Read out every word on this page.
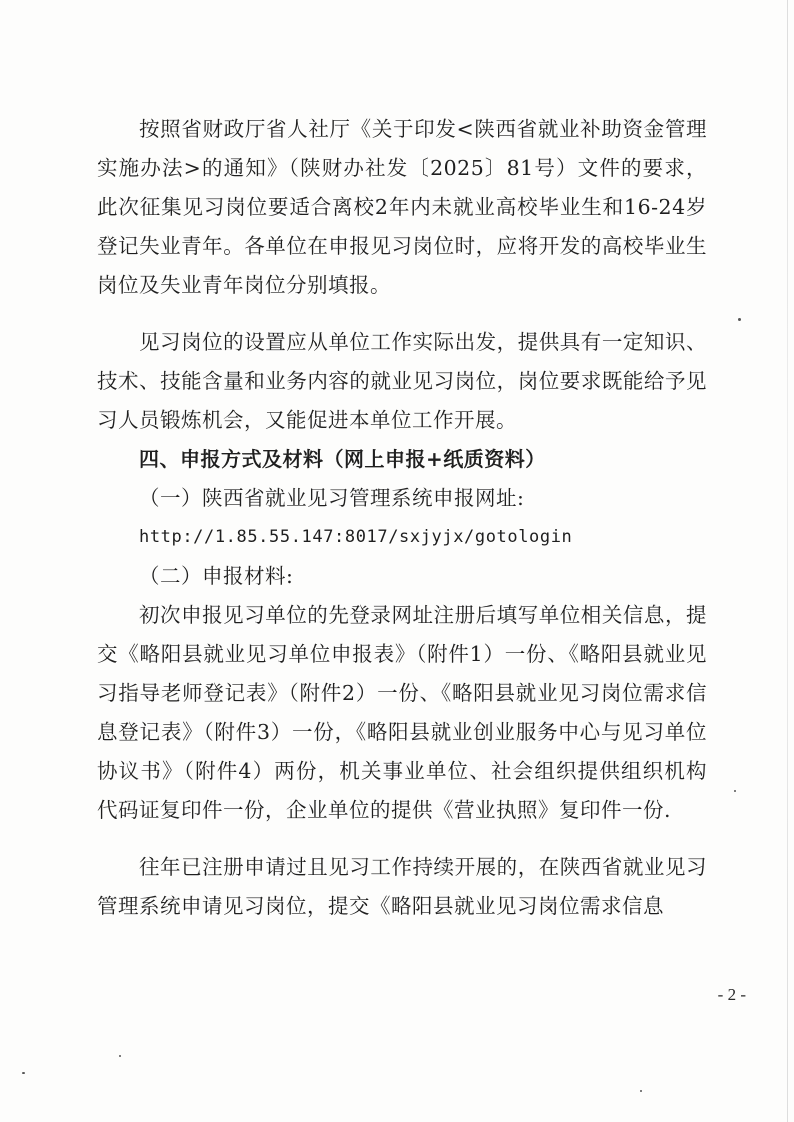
按照省财政厅省人社厅《关于印发<陕西省就业补助资金管理实施办法>的通知》（陕财办社发〔2025〕81号）文件的要求，此次征集见习岗位要适合离校2年内未就业高校毕业生和16-24岁登记失业青年。各单位在申报见习岗位时，应将开发的高校毕业生岗位及失业青年岗位分别填报。

见习岗位的设置应从单位工作实际出发，提供具有一定知识、技术、技能含量和业务内容的就业见习岗位，岗位要求既能给予见习人员锻炼机会，又能促进本单位工作开展。

四、申报方式及材料（网上申报+纸质资料）

（一）陕西省就业见习管理系统申报网址:

http://1.85.55.147:8017/sxjyjx/gotologin

（二）申报材料:

初次申报见习单位的先登录网址注册后填写单位相关信息，提交《略阳县就业见习单位申报表》（附件1）一份、《略阳县就业见习指导老师登记表》（附件2）一份、《略阳县就业见习岗位需求信息登记表》（附件3）一份，《略阳县就业创业服务中心与见习单位协议书》（附件4）两份，机关事业单位、社会组织提供组织机构代码证复印件一份，企业单位的提供《营业执照》复印件一份.

往年已注册申请过且见习工作持续开展的，在陕西省就业见习管理系统申请见习岗位，提交《略阳县就业见习岗位需求信息

- 2 -
